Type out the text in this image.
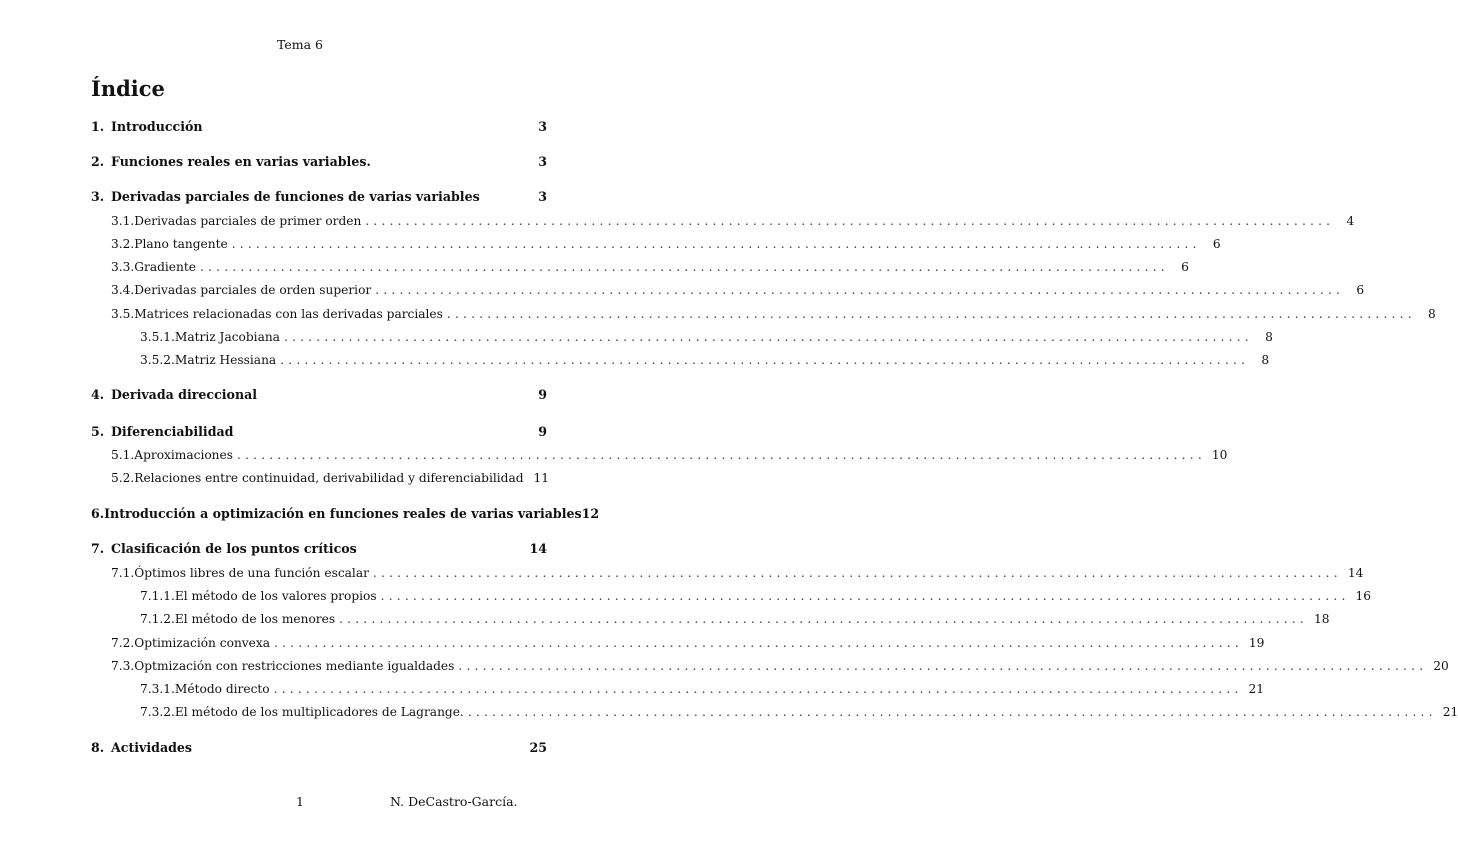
Tema 6
Índice
1. Introducción	3
2. Funciones reales en varias variables.	3
3. Derivadas parciales de funciones de varias variables	3
3.1. Derivadas parciales de primer orden ........................................................................................................................	4
3.2. Plano tangente ........................................................................................................................	6
3.3. Gradiente ........................................................................................................................	6
3.4. Derivadas parciales de orden superior ........................................................................................................................	6
3.5. Matrices relacionadas con las derivadas parciales ........................................................................................................................	8
3.5.1. Matriz Jacobiana ........................................................................................................................	8
3.5.2. Matriz Hessiana ........................................................................................................................	8
4. Derivada direccional	9
5. Diferenciabilidad	9
5.1. Aproximaciones ........................................................................................................................ 10
5.2. Relaciones entre continuidad, derivabilidad y diferenciabilidad 11
6. Introducción a optimización en funciones reales de varias variables 12
7. Clasificación de los puntos críticos	14
7.1. Óptimos libres de una función escalar ........................................................................................................................ 14
7.1.1. El método de los valores propios ........................................................................................................................ 16
7.1.2. El método de los menores ........................................................................................................................ 18
7.2. Optimización convexa ........................................................................................................................ 19
7.3. Optmización con restricciones mediante igualdades ........................................................................................................................ 20
7.3.1. Método directo ........................................................................................................................ 21
7.3.2. El método de los multiplicadores de Lagrange. ........................................................................................................................ 21
8. Actividades	25
1	N. DeCastro-García.
